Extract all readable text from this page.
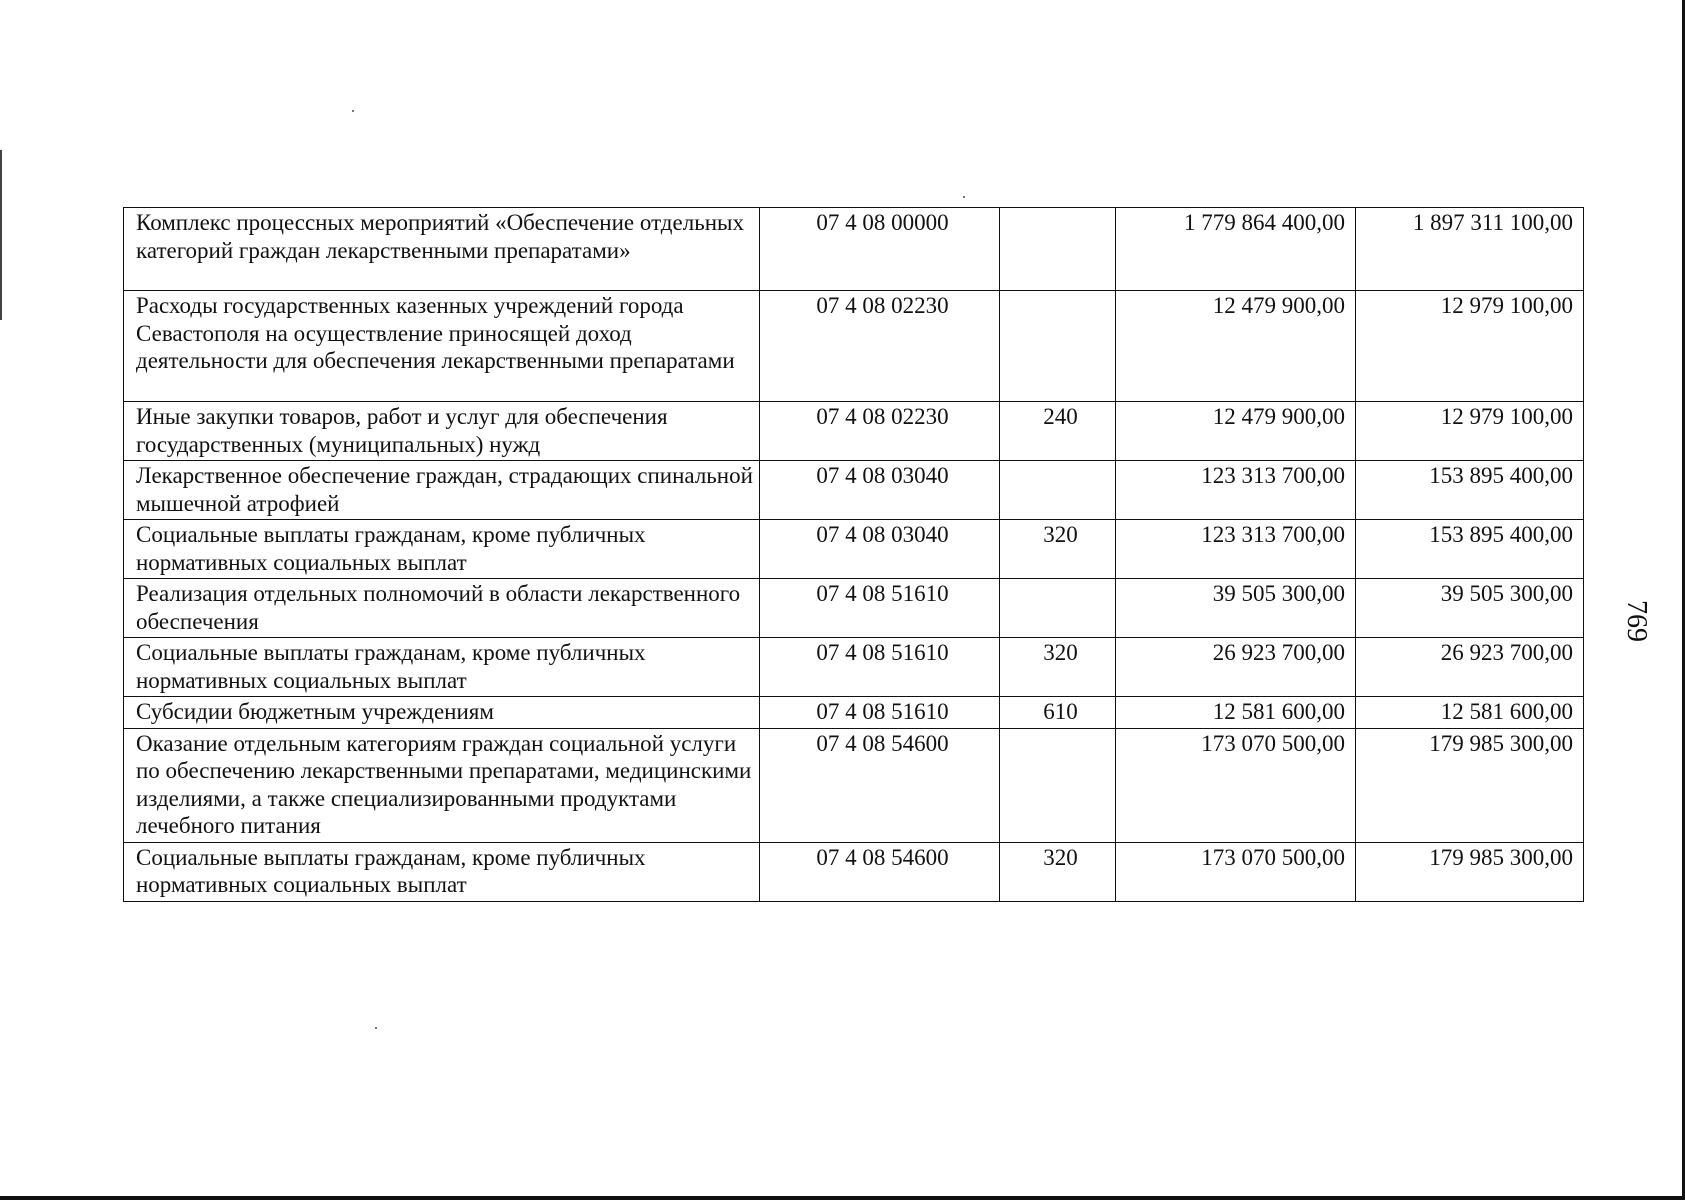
Комплекс процессных мероприятий «Обеспечение отдельных категорий граждан лекарственными препаратами»	07 4 08 00000		1 779 864 400,00	1 897 311 100,00
Расходы государственных казенных учреждений города Севастополя на осуществление приносящей доход деятельности для обеспечения лекарственными препаратами	07 4 08 02230		12 479 900,00	12 979 100,00
Иные закупки товаров, работ и услуг для обеспечения государственных (муниципальных) нужд	07 4 08 02230	240	12 479 900,00	12 979 100,00
Лекарственное обеспечение граждан, страдающих спинальной мышечной атрофией	07 4 08 03040		123 313 700,00	153 895 400,00
Социальные выплаты гражданам, кроме публичных нормативных социальных выплат	07 4 08 03040	320	123 313 700,00	153 895 400,00
Реализация отдельных полномочий в области лекарственного обеспечения	07 4 08 51610		39 505 300,00	39 505 300,00
Социальные выплаты гражданам, кроме публичных нормативных социальных выплат	07 4 08 51610	320	26 923 700,00	26 923 700,00
Субсидии бюджетным учреждениям	07 4 08 51610	610	12 581 600,00	12 581 600,00
Оказание отдельным категориям граждан социальной услуги по обеспечению лекарственными препаратами, медицинскими изделиями, а также специализированными продуктами лечебного питания	07 4 08 54600		173 070 500,00	179 985 300,00
Социальные выплаты гражданам, кроме публичных нормативных социальных выплат	07 4 08 54600	320	173 070 500,00	179 985 300,00
769
